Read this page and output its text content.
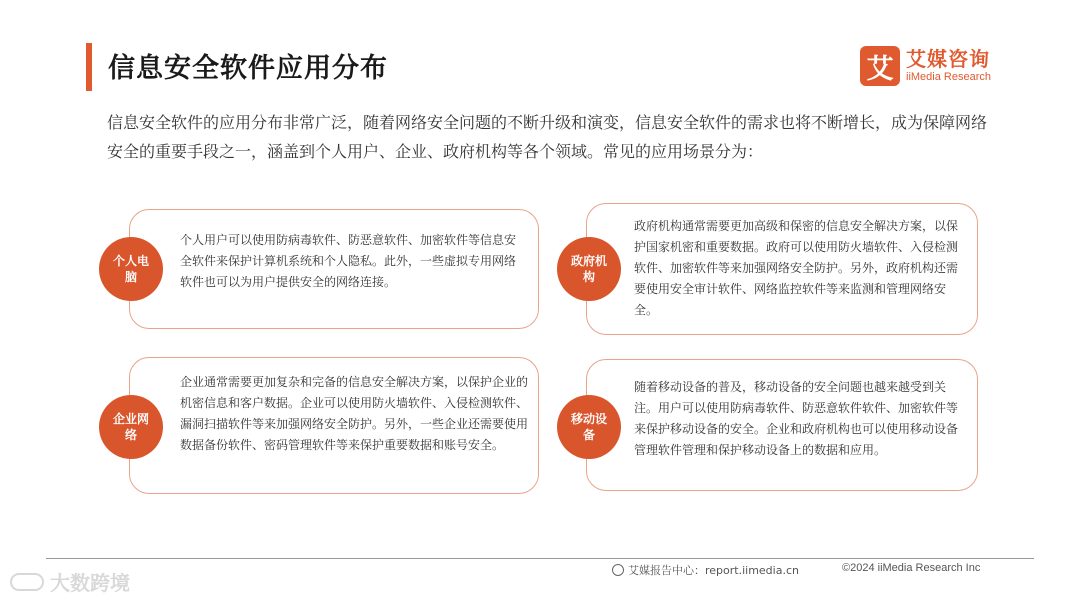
信息安全软件应用分布	艾 艾媒咨询
iiMedia Research
信息安全软件的应用分布非常广泛，随着网络安全问题的不断升级和演变，信息安全软件的需求也将不断增长，成为保障网络安全的重要手段之一，涵盖到个人用户、企业、政府机构等各个领域。常见的应用场景分为：
个人用户可以使用防病毒软件、防恶意软件、加密软件等信息安全软件来保护计算机系统和个人隐私。此外，一些虚拟专用网络软件也可以为用户提供安全的网络连接。
个人电脑
政府机构通常需要更加高级和保密的信息安全解决方案，以保护国家机密和重要数据。政府可以使用防火墙软件、入侵检测软件、加密软件等来加强网络安全防护。另外，政府机构还需要使用安全审计软件、网络监控软件等来监测和管理网络安全。
政府机构
企业通常需要更加复杂和完备的信息安全解决方案，以保护企业的机密信息和客户数据。企业可以使用防火墙软件、入侵检测软件、漏洞扫描软件等来加强网络安全防护。另外，一些企业还需要使用数据备份软件、密码管理软件等来保护重要数据和账号安全。
企业网络
随着移动设备的普及，移动设备的安全问题也越来越受到关注。用户可以使用防病毒软件、防恶意软件软件、加密软件等来保护移动设备的安全。企业和政府机构也可以使用移动设备管理软件管理和保护移动设备上的数据和应用。
移动设备
艾媒报告中心：report.iimedia.cn	©2024 iiMedia Research Inc
大数跨境
